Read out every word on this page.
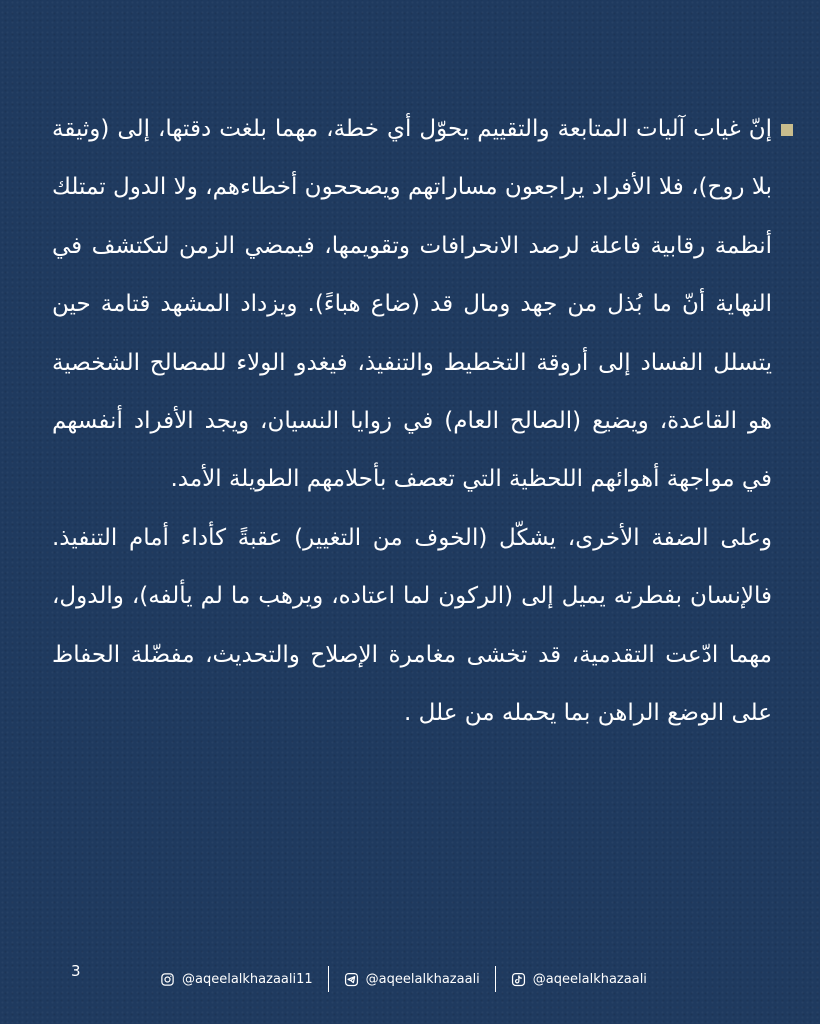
إنّ غياب آليات المتابعة والتقييم يحوّل أي خطة، مهما بلغت دقتها، إلى (وثيقة بلا روح)، فلا الأفراد يراجعون مساراتهم ويصححون أخطاءهم، ولا الدول تمتلك أنظمة رقابية فاعلة لرصد الانحرافات وتقويمها، فيمضي الزمن لتكتشف في النهاية أنّ ما بُذل من جهد ومال قد (ضاع هباءً). ويزداد المشهد قتامة حين يتسلل الفساد إلى أروقة التخطيط والتنفيذ، فيغدو الولاء للمصالح الشخصية هو القاعدة، ويضيع (الصالح العام) في زوايا النسيان، ويجد الأفراد أنفسهم في مواجهة أهوائهم اللحظية التي تعصف بأحلامهم الطويلة الأمد.

وعلى الضفة الأخرى، يشكّل (الخوف من التغيير) عقبةً كأداء أمام التنفيذ. فالإنسان بفطرته يميل إلى (الركون لما اعتاده، ويرهب ما لم يألفه)، والدول، مهما ادّعت التقدمية، قد تخشى مغامرة الإصلاح والتحديث، مفضّلة الحفاظ على الوضع الراهن بما يحمله من علل .

3	@aqeelalkhazaali11	@aqeelalkhazaali	@aqeelalkhazaali
